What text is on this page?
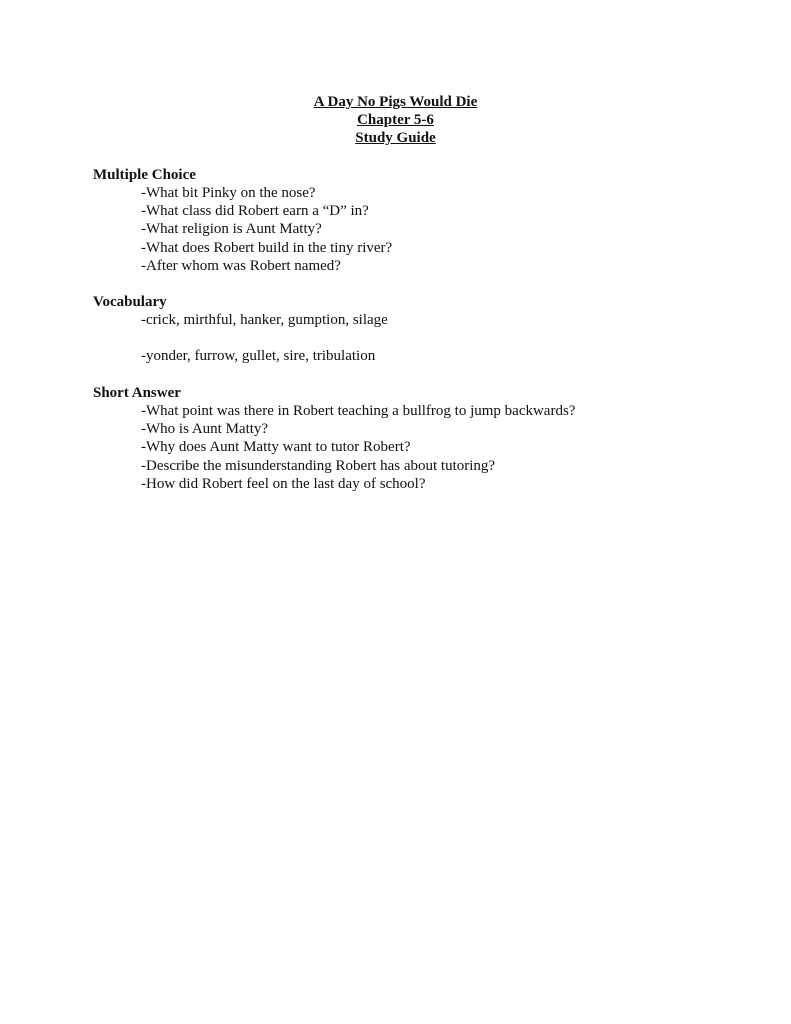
A Day No Pigs Would Die

Chapter 5-6

Study Guide

Multiple Choice

-What bit Pinky on the nose?

-What class did Robert earn a “D” in?

-What religion is Aunt Matty?

-What does Robert build in the tiny river?

-After whom was Robert named?

Vocabulary

-crick, mirthful, hanker, gumption, silage

-yonder, furrow, gullet, sire, tribulation

Short Answer

-What point was there in Robert teaching a bullfrog to jump backwards?

-Who is Aunt Matty?

-Why does Aunt Matty want to tutor Robert?

-Describe the misunderstanding Robert has about tutoring?

-How did Robert feel on the last day of school?
